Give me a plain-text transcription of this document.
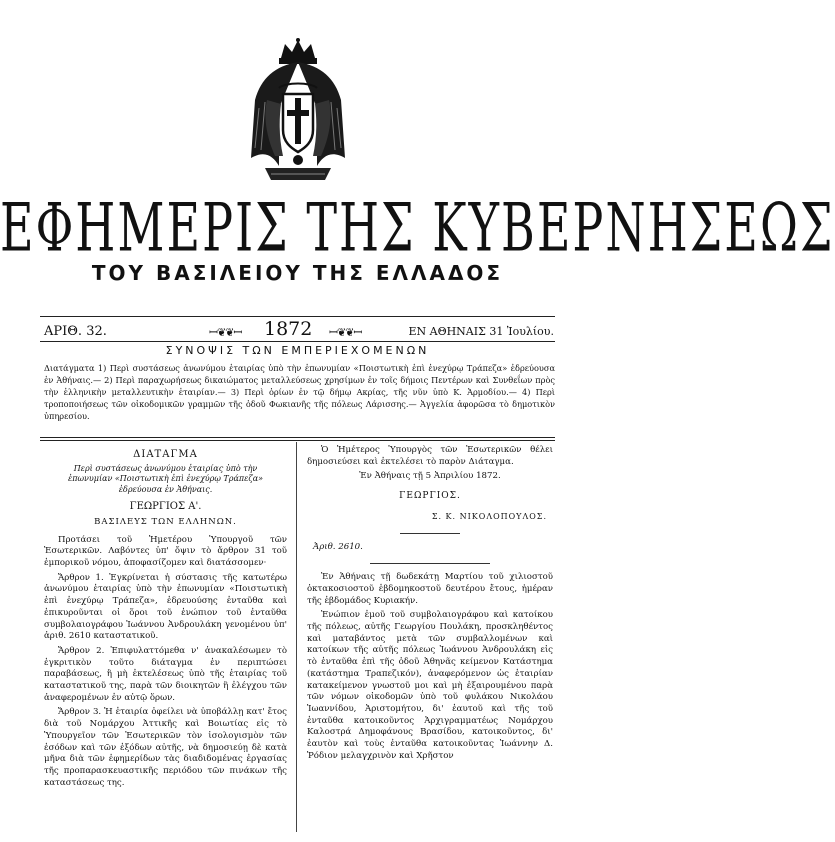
ΕΦΗΜΕΡΙΣ ΤΗΣ ΚΥΒΕΡΝΗΣΕΩΣ
ΤΟΥ ΒΑΣΙΛΕΙΟΥ ΤΗΣ ΕΛΛΑΔΟΣ
ΑΡΙΘ. 32.	ꟷ❦❦ꟷ 1872 ꟷ❦❦ꟷ	ΕΝ ΑΘΗΝΑΙΣ 31 Ἰουλίου.
ΣΥΝΟΨΙΣ ΤΩΝ ΕΜΠΕΡΙΕΧΟΜΕΝΩΝ
Διατάγματα 1) Περὶ συστάσεως ἀνωνύμου ἑταιρίας ὑπὸ τὴν ἐπωνυμίαν «Ποιστωτικὴ ἐπὶ ἐνεχύρῳ Τράπεζα» ἐδρεύουσα ἐν Ἀθήναις.— 2) Περὶ παραχωρήσεως δικαιώματος μεταλλεύσεως χρησίμων ἐν τοῖς δήμοις Πεντέρων καὶ Συνθεΐων πρὸς τὴν ἑλληνικὴν μεταλλευτικὴν ἑταιρίαν.— 3) Περὶ ὁρίων ἐν τῷ δήμῳ Ακρίας, τῆς νῦν ὑπὸ Κ. Ἀρμοδίου.— 4) Περὶ τροποποιήσεως τῶν οἰκοδομικῶν γραμμῶν τῆς ὁδοῦ Φωκιανῆς τῆς πόλεως Λάρισσης.— Ἀγγελία ἀφορῶσα τὸ δημοτικὸν ὑπηρεσίου.
ΔΙΑΤΑΓΜΑ
Περὶ συστάσεως ἀνωνύμου ἑταιρίας ὑπὸ τὴν ἐπωνυμίαν «Ποιστωτικὴ ἐπὶ ἐνεχύρῳ Τράπεζα» ἐδρεύουσα ἐν Ἀθήναις.
ΓΕΩΡΓΙΟΣ Α'.
ΒΑΣΙΛΕΥΣ ΤΩΝ ΕΛΛΗΝΩΝ.

Προτάσει τοῦ Ἡμετέρου Ὑπουργοῦ τῶν Ἐσωτερικῶν. Λαβόντες ὑπ' ὄψιν τὸ ἄρθρον 31 τοῦ ἐμπορικοῦ νόμου, ἀποφασίζομεν καὶ διατάσσομεν·

Ἄρθρον 1. Ἐγκρίνεται ἡ σύστασις τῆς κατωτέρω ἀνωνύμου ἑταιρίας ὑπὸ τὴν ἐπωνυμίαν «Ποιστωτικὴ ἐπὶ ἐνεχύρῳ Τράπεζα», ἐδρευούσης ἐνταῦθα καὶ ἐπικυροῦνται οἱ ὅροι τοῦ ἐνώπιον τοῦ ἐνταῦθα συμβολαιογράφου Ἰωάννου Ἀνδρουλάκη γενομένου ὑπ' ἀριθ. 2610 καταστατικοῦ.

Ἄρθρον 2. Ἐπιφυλαττόμεθα ν' ἀνακαλέσωμεν τὸ ἐγκριτικὸν τοῦτο διάταγμα ἐν περιπτώσει παραβάσεως, ἢ μὴ ἐκτελέσεως ὑπὸ τῆς ἑταιρίας τοῦ καταστατικοῦ της, παρὰ τῶν διοικητῶν ἢ ἐλέγχου τῶν ἀναφερομένων ἐν αὐτῷ ὅρων.

Ἄρθρον 3. Ἡ ἑταιρία ὀφείλει νὰ ὑποβάλλῃ κατ' ἔτος διὰ τοῦ Νομάρχου Ἀττικῆς καὶ Βοιωτίας εἰς τὸ Ὑπουργεῖον τῶν Ἐσωτερικῶν τὸν ἰσολογισμὸν τῶν ἐσόδων καὶ τῶν ἐξόδων αὐτῆς, νὰ δημοσιεύῃ δὲ κατὰ μῆνα διὰ τῶν ἐφημερίδων τὰς διαδιδομένας ἐργασίας τῆς προπαρασκευαστικῆς περιόδου τῶν πινάκων τῆς καταστάσεως της.

Ὁ Ἡμέτερος Ὑπουργὸς τῶν Ἐσωτερικῶν θέλει δημοσιεύσει καὶ ἐκτελέσει τὸ παρὸν Διάταγμα.

Ἐν Ἀθήναις τῇ 5 Ἀπριλίου 1872.

ΓΕΩΡΓΙΟΣ.
Σ. Κ. ΝΙΚΟΛΟΠΟΥΛΟΣ.
Ἀριθ. 2610.

Ἐν Ἀθήναις τῇ δωδεκάτῃ Μαρτίου τοῦ χιλιοστοῦ ὀκτακοσιοστοῦ ἑβδομηκοστοῦ δευτέρου ἔτους, ἡμέραν τῆς ἑβδομάδος Κυριακήν.

Ἐνώπιον ἐμοῦ τοῦ συμβολαιογράφου καὶ κατοίκου τῆς πόλεως, αὐτῆς Γεωργίου Πουλάκη, προσκληθέντος καὶ ματαβάντος μετὰ τῶν συμβαλλομένων καὶ κατοίκων τῆς αὐτῆς πόλεως Ἰωάννου Ἀνδρουλάκη εἰς τὸ ἐνταῦθα ἐπὶ τῆς ὁδοῦ Ἀθηνᾶς κείμενον Κατάστημα (κατάστημα Τραπεζικόν), ἀναφερόμενον ὡς ἑταιρίαν κατακείμενον γνωστοῦ μοι καὶ μὴ ἐξαιρουμένου παρὰ τῶν νόμων οἰκοδομῶν ὑπὸ τοῦ φυλάκου Νικολάου Ἰωαννίδου, Ἀριστομήτου, δι' ἑαυτοῦ καὶ τῆς τοῦ ἐνταῦθα κατοικοῦντος Ἀρχιγραμματέως Νομάρχου Καλοστρά Δημοφάνους Βρασίδου, κατοικοῦντος, δι' ἑαυτὸν καὶ τοὺς ἐνταῦθα κατοικοῦντας Ἰωάννην Δ. Ῥόδιον μελαγχρινὸν καὶ Χρῆστον
